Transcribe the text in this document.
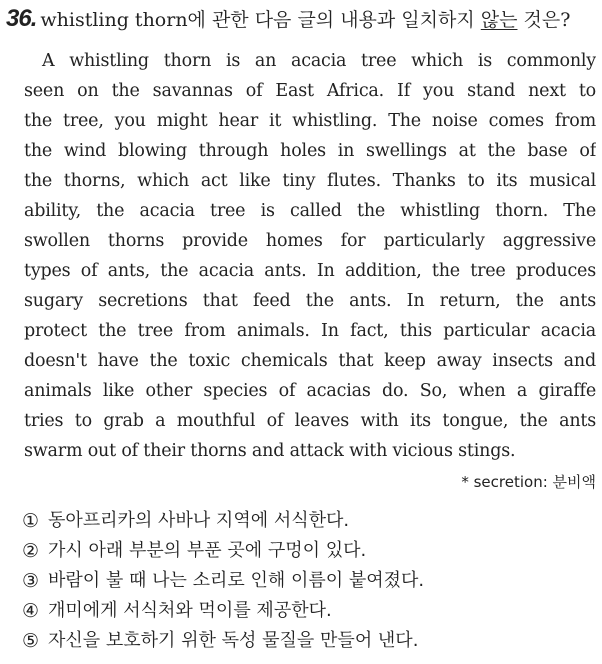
36. whistling thorn에 관한 다음 글의 내용과 일치하지 않는 것은?
A whistling thorn is an acacia tree which is commonly
seen on the savannas of East Africa. If you stand next to
the tree, you might hear it whistling. The noise comes from
the wind blowing through holes in swellings at the base of
the thorns, which act like tiny flutes. Thanks to its musical
ability, the acacia tree is called the whistling thorn. The
swollen thorns provide homes for particularly aggressive
types of ants, the acacia ants. In addition, the tree produces
sugary secretions that feed the ants. In return, the ants
protect the tree from animals. In fact, this particular acacia
doesn't have the toxic chemicals that keep away insects and
animals like other species of acacias do. So, when a giraffe
tries to grab a mouthful of leaves with its tongue, the ants
swarm out of their thorns and attack with vicious stings.
* secretion: 분비액
① 동아프리카의 사바나 지역에 서식한다.
② 가시 아래 부분의 부푼 곳에 구멍이 있다.
③ 바람이 불 때 나는 소리로 인해 이름이 붙여졌다.
④ 개미에게 서식처와 먹이를 제공한다.
⑤ 자신을 보호하기 위한 독성 물질을 만들어 낸다.
